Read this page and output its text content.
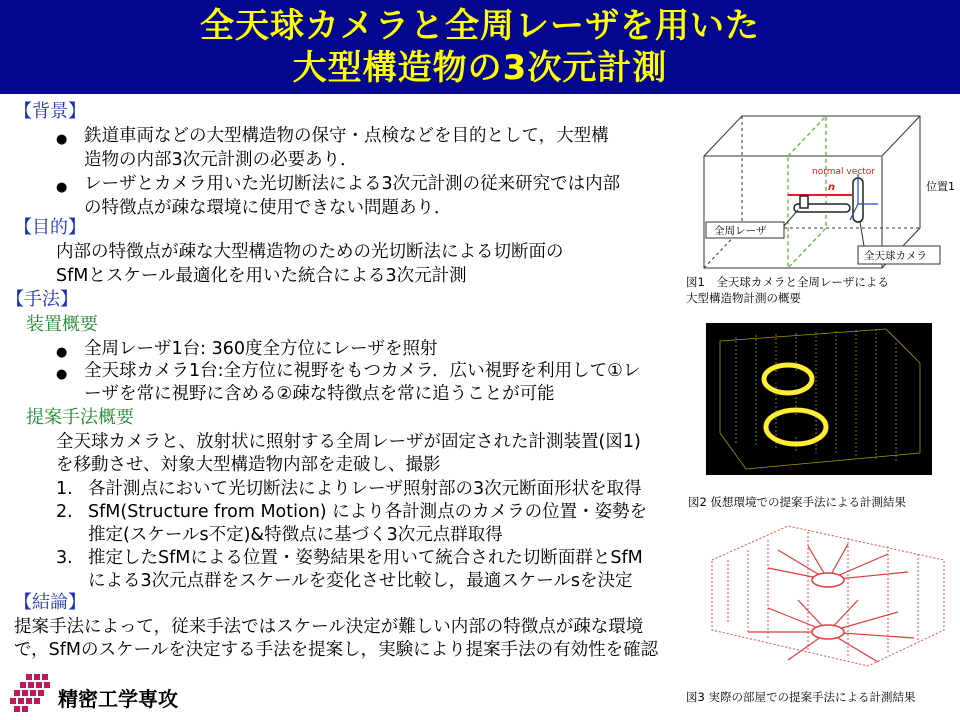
全天球カメラと全周レーザを用いた
大型構造物の3次元計測
【背景】
● 鉄道車両などの大型構造物の保守・点検などを目的として，大型構
造物の内部3次元計測の必要あり．
● レーザとカメラ用いた光切断法による3次元計測の従来研究では内部
の特徴点が疎な環境に使用できない問題あり．
【目的】
内部の特徴点が疎な大型構造物のための光切断法による切断面の
SfMとスケール最適化を用いた統合による3次元計測
【手法】
装置概要
● 全周レーザ1台: 360度全方位にレーザを照射
● 全天球カメラ1台:全方位に視野をもつカメラ．広い視野を利用して①レ
ーザを常に視野に含める②疎な特徴点を常に追うことが可能
提案手法概要
全天球カメラと、放射状に照射する全周レーザが固定された計測装置(図1)
を移動させ、対象大型構造物内部を走破し、撮影
1. 各計測点において光切断法によりレーザ照射部の3次元断面形状を取得
2. SfM(Structure from Motion) により各計測点のカメラの位置・姿勢を
推定(スケールs不定)&特徴点に基づく3次元点群取得
3. 推定したSfMによる位置・姿勢結果を用いて統合された切断面群とSfM
による3次元点群をスケールを変化させ比較し，最適スケールsを決定
【結論】
提案手法によって，従来手法ではスケール決定が難しい内部の特徴点が疎な環境
で，SfMのスケールを決定する手法を提案し，実験により提案手法の有効性を確認
normal vector
n	位置1
全周レーザ
全天球カメラ
図1　全天球カメラと全周レーザによる
大型構造物計測の概要
図2 仮想環境での提案手法による計測結果
図3 実際の部屋での提案手法による計測結果
精密工学専攻
